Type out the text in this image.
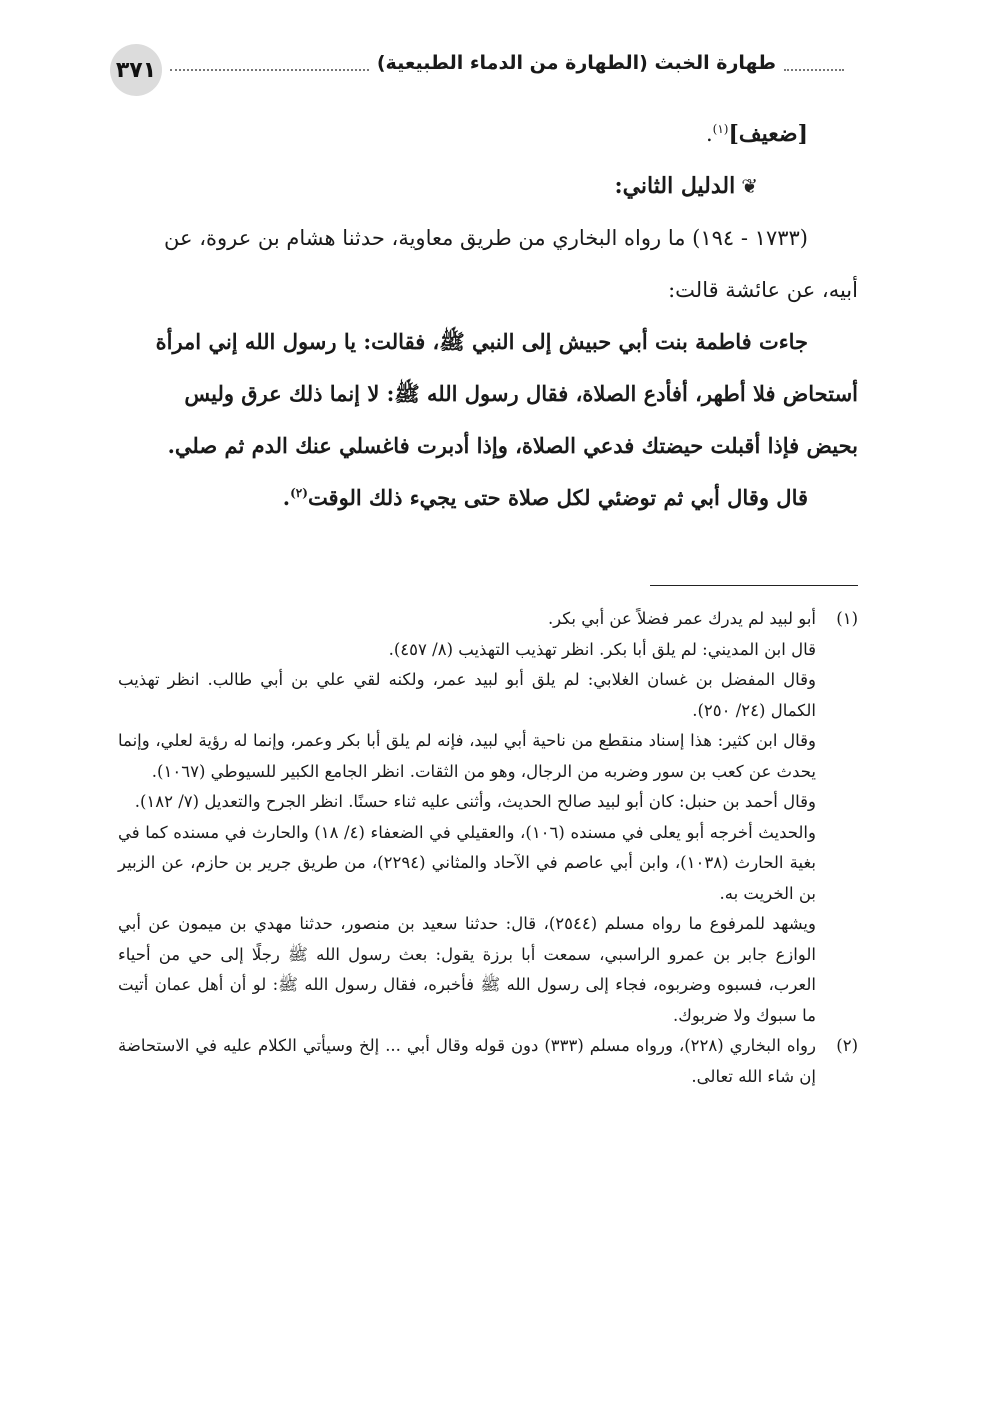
٣٧١	طهارة الخبث (الطهارة من الدماء الطبيعية)

[ضعيف]$^{(١)}$.

❦الدليل الثاني:

(١٧٣٣ - ١٩٤) ما رواه البخاري من طريق معاوية، حدثنا هشام بن عروة، عن

أبيه، عن عائشة قالت:

جاءت فاطمة بنت أبي حبيش إلى النبي ﷺ، فقالت: يا رسول الله إني امرأة

أستحاض فلا أطهر، أفأدع الصلاة، فقال رسول الله ﷺ: لا إنما ذلك عرق وليس

بحيض فإذا أقبلت حيضتك فدعي الصلاة، وإذا أدبرت فاغسلي عنك الدم ثم صلي.

قال وقال أبي ثم توضئي لكل صلاة حتى يجيء ذلك الوقت$^{(٢)}$.

(١)

أبو لبيد لم يدرك عمر فضلاً عن أبي بكر.

قال ابن المديني: لم يلق أبا بكر. انظر تهذيب التهذيب (٨/ ٤٥٧).

وقال المفضل بن غسان الغلابي: لم يلق أبو لبيد عمر، ولكنه لقي علي بن أبي طالب. انظر تهذيب الكمال (٢٤/ ٢٥٠).

وقال ابن كثير: هذا إسناد منقطع من ناحية أبي لبيد، فإنه لم يلق أبا بكر وعمر، وإنما له رؤية لعلي، وإنما يحدث عن كعب بن سور وضربه من الرجال، وهو من الثقات. انظر الجامع الكبير للسيوطي (١٠٦٧).

وقال أحمد بن حنبل: كان أبو لبيد صالح الحديث، وأثنى عليه ثناء حسنًا. انظر الجرح والتعديل (٧/ ١٨٢).

والحديث أخرجه أبو يعلى في مسنده (١٠٦)، والعقيلي في الضعفاء (٤/ ١٨) والحارث في مسنده كما في بغية الحارث (١٠٣٨)، وابن أبي عاصم في الآحاد والمثاني (٢٢٩٤)، من طريق جرير بن حازم، عن الزبير بن الخريت به.

ويشهد للمرفوع ما رواه مسلم (٢٥٤٤)، قال: حدثنا سعيد بن منصور، حدثنا مهدي بن ميمون عن أبي الوازع جابر بن عمرو الراسبي، سمعت أبا برزة يقول: بعث رسول الله ﷺ رجلًا إلى حي من أحياء العرب، فسبوه وضربوه، فجاء إلى رسول الله ﷺ فأخبره، فقال رسول الله ﷺ: لو أن أهل عمان أتيت ما سبوك ولا ضربوك.

(٢)

رواه البخاري (٢٢٨)، ورواه مسلم (٣٣٣) دون قوله وقال أبي ... إلخ وسيأتي الكلام عليه في الاستحاضة إن شاء الله تعالى.
